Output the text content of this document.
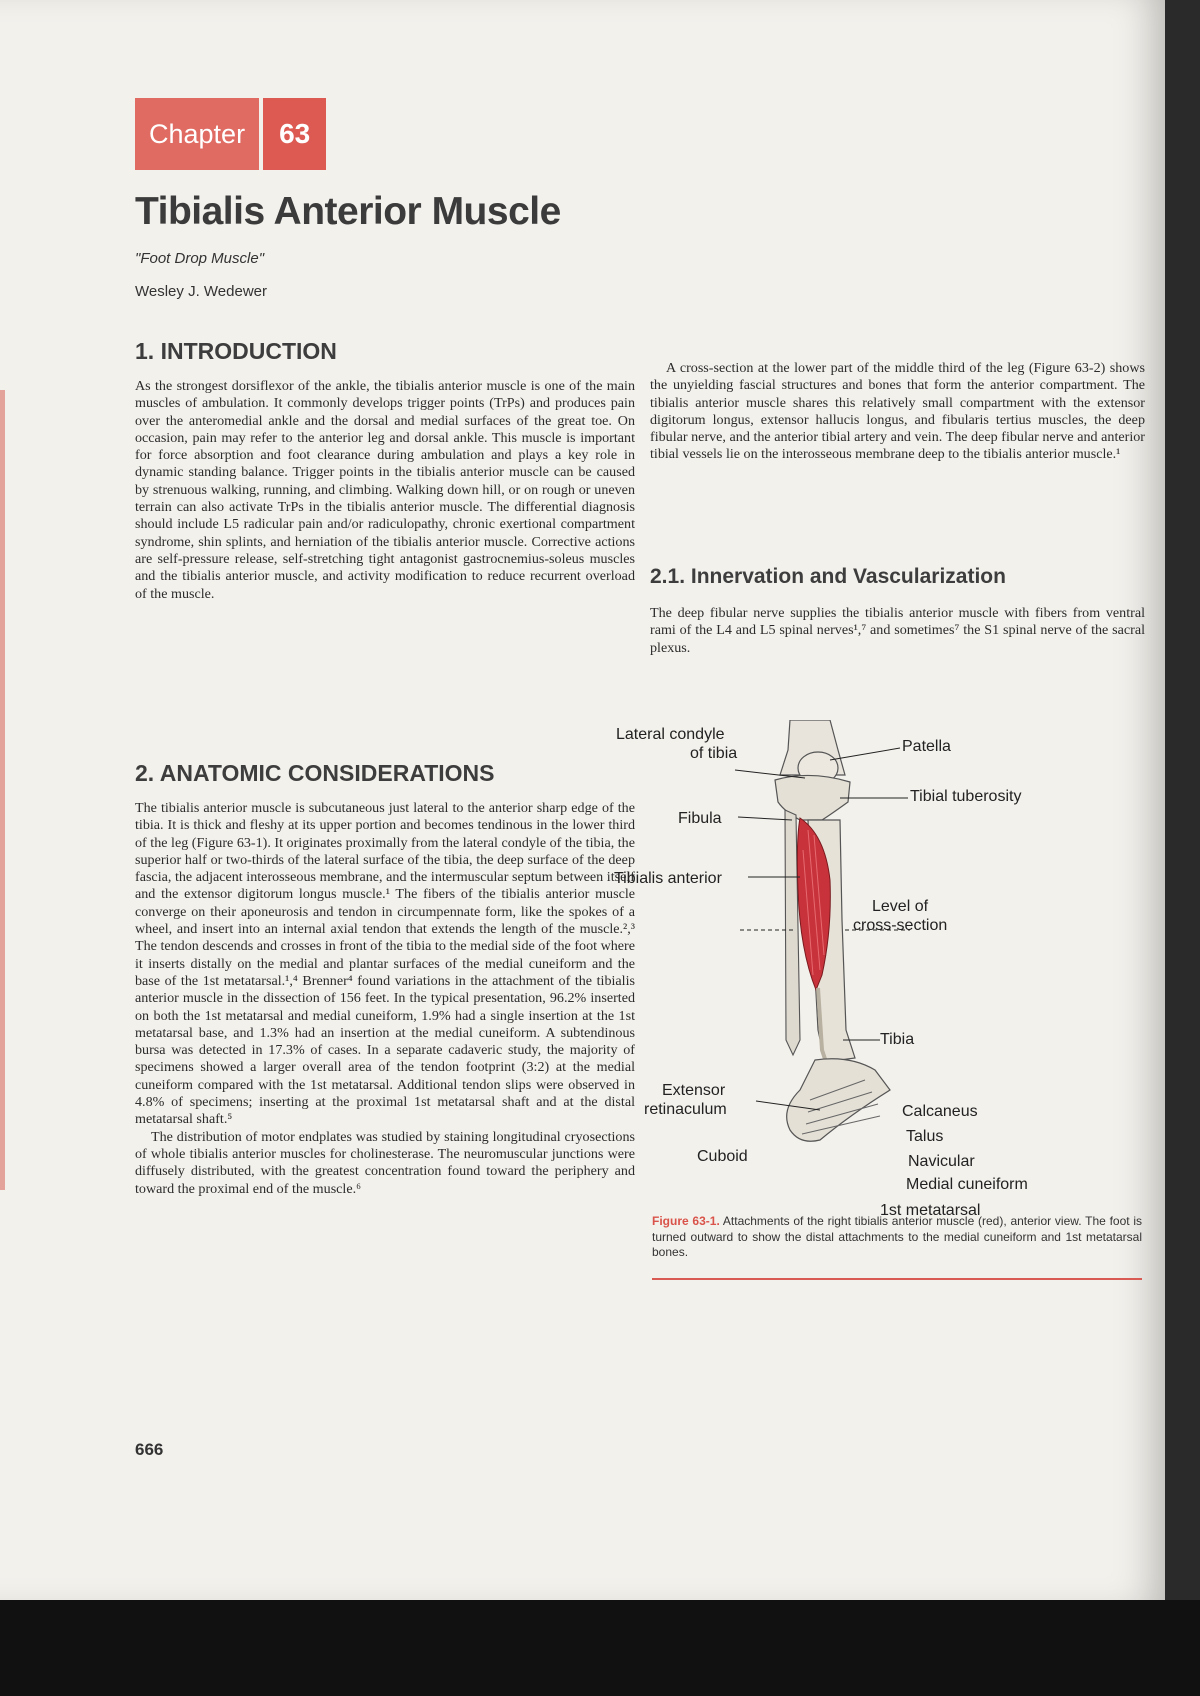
Chapter	63
Tibialis Anterior Muscle
"Foot Drop Muscle"
Wesley J. Wedewer
1. INTRODUCTION

As the strongest dorsiflexor of the ankle, the tibialis anterior muscle is one of the main muscles of ambulation. It commonly develops trigger points (TrPs) and produces pain over the anteromedial ankle and the dorsal and medial surfaces of the great toe. On occasion, pain may refer to the anterior leg and dorsal ankle. This muscle is important for force absorption and foot clearance during ambulation and plays a key role in dynamic standing balance. Trigger points in the tibialis anterior muscle can be caused by strenuous walking, running, and climbing. Walking down hill, or on rough or uneven terrain can also activate TrPs in the tibialis anterior muscle. The differential diagnosis should include L5 radicular pain and/or radiculopathy, chronic exertional compartment syndrome, shin splints, and herniation of the tibialis anterior muscle. Corrective actions are self-pressure release, self-stretching tight antagonist gastrocnemius-soleus muscles and the tibialis anterior muscle, and activity modification to reduce recurrent overload of the muscle.

2. ANATOMIC CONSIDERATIONS

The tibialis anterior muscle is subcutaneous just lateral to the anterior sharp edge of the tibia. It is thick and fleshy at its upper portion and becomes tendinous in the lower third of the leg (Figure 63-1). It originates proximally from the lateral condyle of the tibia, the superior half or two-thirds of the lateral surface of the tibia, the deep surface of the deep fascia, the adjacent interosseous membrane, and the intermuscular septum between itself and the extensor digitorum longus muscle.¹ The fibers of the tibialis anterior muscle converge on their aponeurosis and tendon in circumpennate form, like the spokes of a wheel, and insert into an internal axial tendon that extends the length of the muscle.²,³ The tendon descends and crosses in front of the tibia to the medial side of the foot where it inserts distally on the medial and plantar surfaces of the medial cuneiform and the base of the 1st metatarsal.¹,⁴ Brenner⁴ found variations in the attachment of the tibialis anterior muscle in the dissection of 156 feet. In the typical presentation, 96.2% inserted on both the 1st metatarsal and medial cuneiform, 1.9% had a single insertion at the 1st metatarsal base, and 1.3% had an insertion at the medial cuneiform. A subtendinous bursa was detected in 17.3% of cases. In a separate cadaveric study, the majority of specimens showed a larger overall area of the tendon footprint (3:2) at the medial cuneiform compared with the 1st metatarsal. Additional tendon slips were observed in 4.8% of specimens; inserting at the proximal 1st metatarsal shaft and at the distal metatarsal shaft.⁵

The distribution of motor endplates was studied by staining longitudinal cryosections of whole tibialis anterior muscles for cholinesterase. The neuromuscular junctions were diffusely distributed, with the greatest concentration found toward the periphery and toward the proximal end of the muscle.⁶

666

A cross-section at the lower part of the middle third of the leg (Figure 63-2) shows the unyielding fascial structures and bones that form the anterior compartment. The tibialis anterior muscle shares this relatively small compartment with the extensor digitorum longus, extensor hallucis longus, and fibularis tertius muscles, the deep fibular nerve, and the anterior tibial artery and vein. The deep fibular nerve and anterior tibial vessels lie on the interosseous membrane deep to the tibialis anterior muscle.¹

2.1. Innervation and Vascularization

The deep fibular nerve supplies the tibialis anterior muscle with fibers from ventral rami of the L4 and L5 spinal nerves¹,⁷ and sometimes⁷ the S1 spinal nerve of the sacral plexus.

Lateral condyle
of tibia
Fibula
Tibialis anterior
Patella
Tibial tuberosity
Level of
cross-section
Tibia
Extensor
retinaculum
Cuboid
Calcaneus
Talus
Navicular
Medial cuneiform

Figure 63-1. Attachments of the right tibialis anterior muscle (red), anterior view. The foot is turned outward to show the distal attachments to the medial cuneiform and 1st metatarsal bones.

1st metatarsal
